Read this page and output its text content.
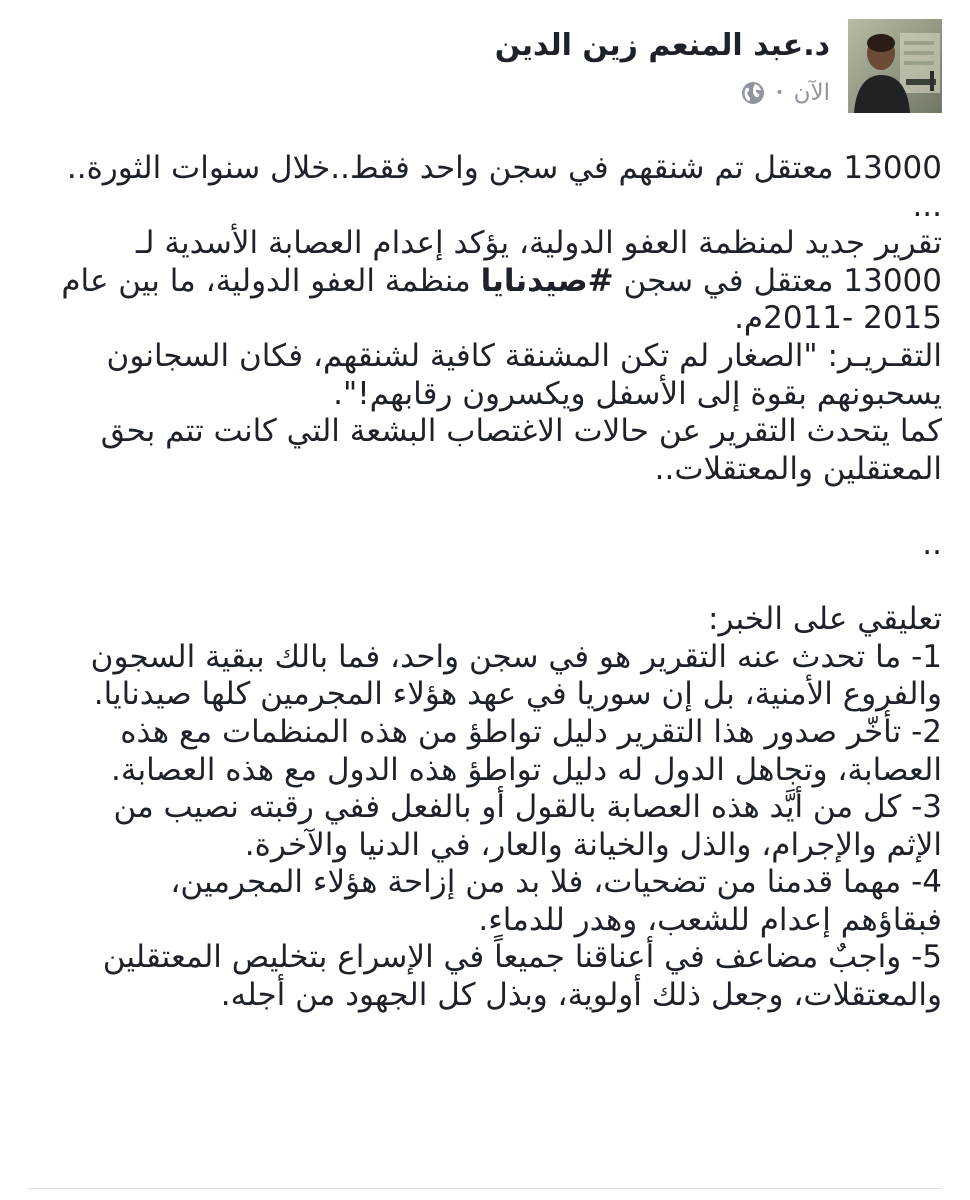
د.عبد المنعم زين الدين
الآن
•
13000 معتقل تم شنقهم في سجن واحد فقط..خلال سنوات الثورة..
...
تقرير جديد لمنظمة العفو الدولية، يؤكد إعدام العصابة الأسدية لـ
13000 معتقل في سجن #صيدنايا منظمة العفو الدولية، ما بين عام
2015 -2011م.
التقـريـر: "الصغار لم تكن المشنقة كافية لشنقهم، فكان السجانون
يسحبونهم بقوة إلى الأسفل ويكسرون رقابهم!".
كما يتحدث التقرير عن حالات الاغتصاب البشعة التي كانت تتم بحق
المعتقلين والمعتقلات..
..
تعليقي على الخبر:
1- ما تحدث عنه التقرير هو في سجن واحد، فما بالك ببقية السجون
والفروع الأمنية، بل إن سوريا في عهد هؤلاء المجرمين كلها صيدنايا.
2- تأخّر صدور هذا التقرير دليل تواطؤ من هذه المنظمات مع هذه
العصابة، وتجاهل الدول له دليل تواطؤ هذه الدول مع هذه العصابة.
3- كل من أيَّد هذه العصابة بالقول أو بالفعل ففي رقبته نصيب من
الإثم والإجرام، والذل والخيانة والعار، في الدنيا والآخرة.
4- مهما قدمنا من تضحيات، فلا بد من إزاحة هؤلاء المجرمين،
فبقاؤهم إعدام للشعب، وهدر للدماء.
5- واجبٌ مضاعف في أعناقنا جميعاً في الإسراع بتخليص المعتقلين
والمعتقلات، وجعل ذلك أولوية، وبذل كل الجهود من أجله.
